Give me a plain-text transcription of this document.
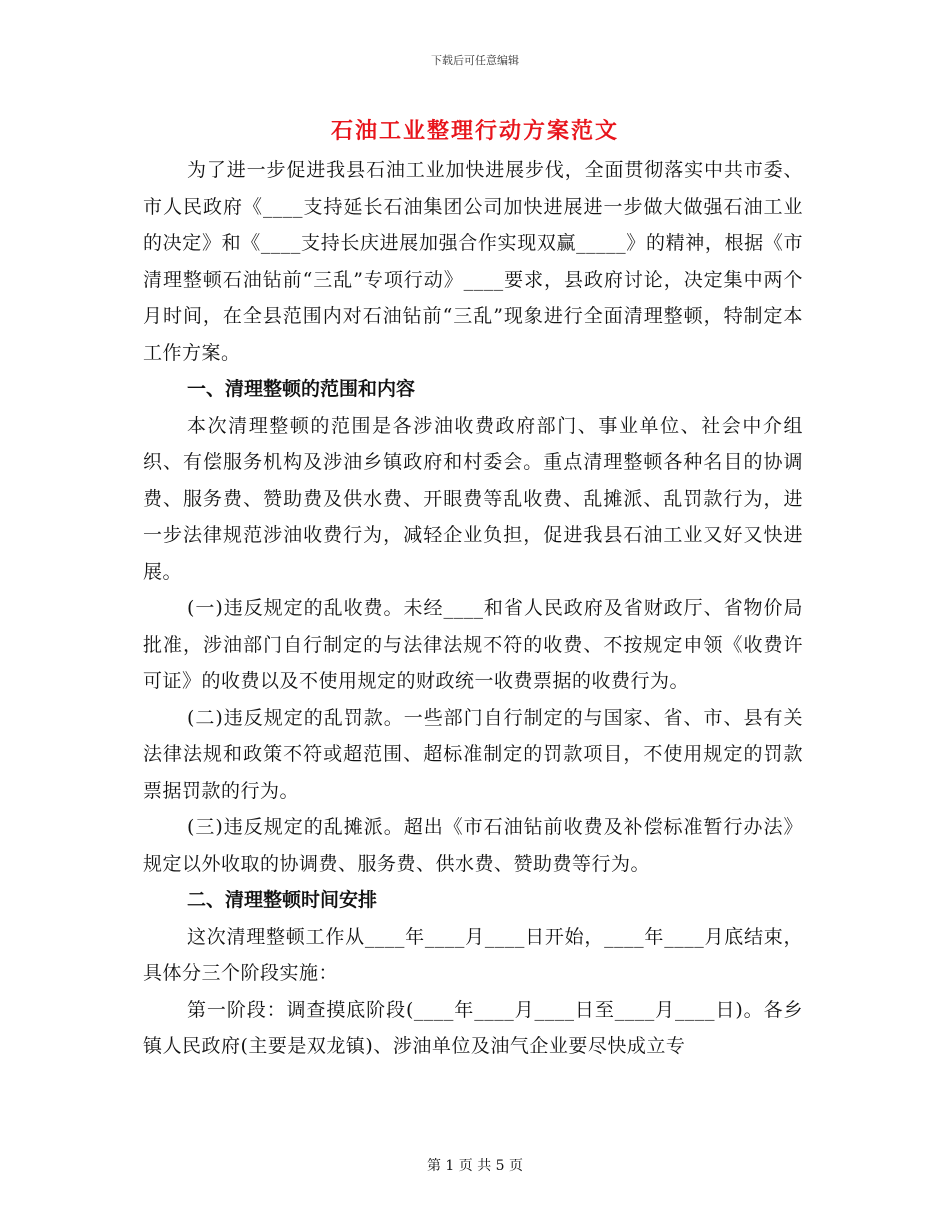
下载后可任意编辑
石油工业整理行动方案范文

为了进一步促进我县石油工业加快进展步伐，全面贯彻落实中共市委、市人民政府《____支持延长石油集团公司加快进展进一步做大做强石油工业的决定》和《____支持长庆进展加强合作实现双赢_____》的精神，根据《市清理整顿石油钻前“三乱”专项行动》____要求，县政府讨论，决定集中两个月时间，在全县范围内对石油钻前“三乱”现象进行全面清理整顿，特制定本工作方案。

一、清理整顿的范围和内容

本次清理整顿的范围是各涉油收费政府部门、事业单位、社会中介组织、有偿服务机构及涉油乡镇政府和村委会。重点清理整顿各种名目的协调费、服务费、赞助费及供水费、开眼费等乱收费、乱摊派、乱罚款行为，进一步法律规范涉油收费行为，减轻企业负担，促进我县石油工业又好又快进展。

(一)违反规定的乱收费。未经____和省人民政府及省财政厅、省物价局批准，涉油部门自行制定的与法律法规不符的收费、不按规定申领《收费许可证》的收费以及不使用规定的财政统一收费票据的收费行为。

(二)违反规定的乱罚款。一些部门自行制定的与国家、省、市、县有关法律法规和政策不符或超范围、超标准制定的罚款项目，不使用规定的罚款票据罚款的行为。

(三)违反规定的乱摊派。超出《市石油钻前收费及补偿标准暂行办法》规定以外收取的协调费、服务费、供水费、赞助费等行为。

二、清理整顿时间安排

这次清理整顿工作从____年____月____日开始，____年____月底结束，具体分三个阶段实施：

第一阶段：调查摸底阶段(____年____月____日至____月____日)。各乡镇人民政府(主要是双龙镇)、涉油单位及油气企业要尽快成立专

第 1 页 共 5 页
